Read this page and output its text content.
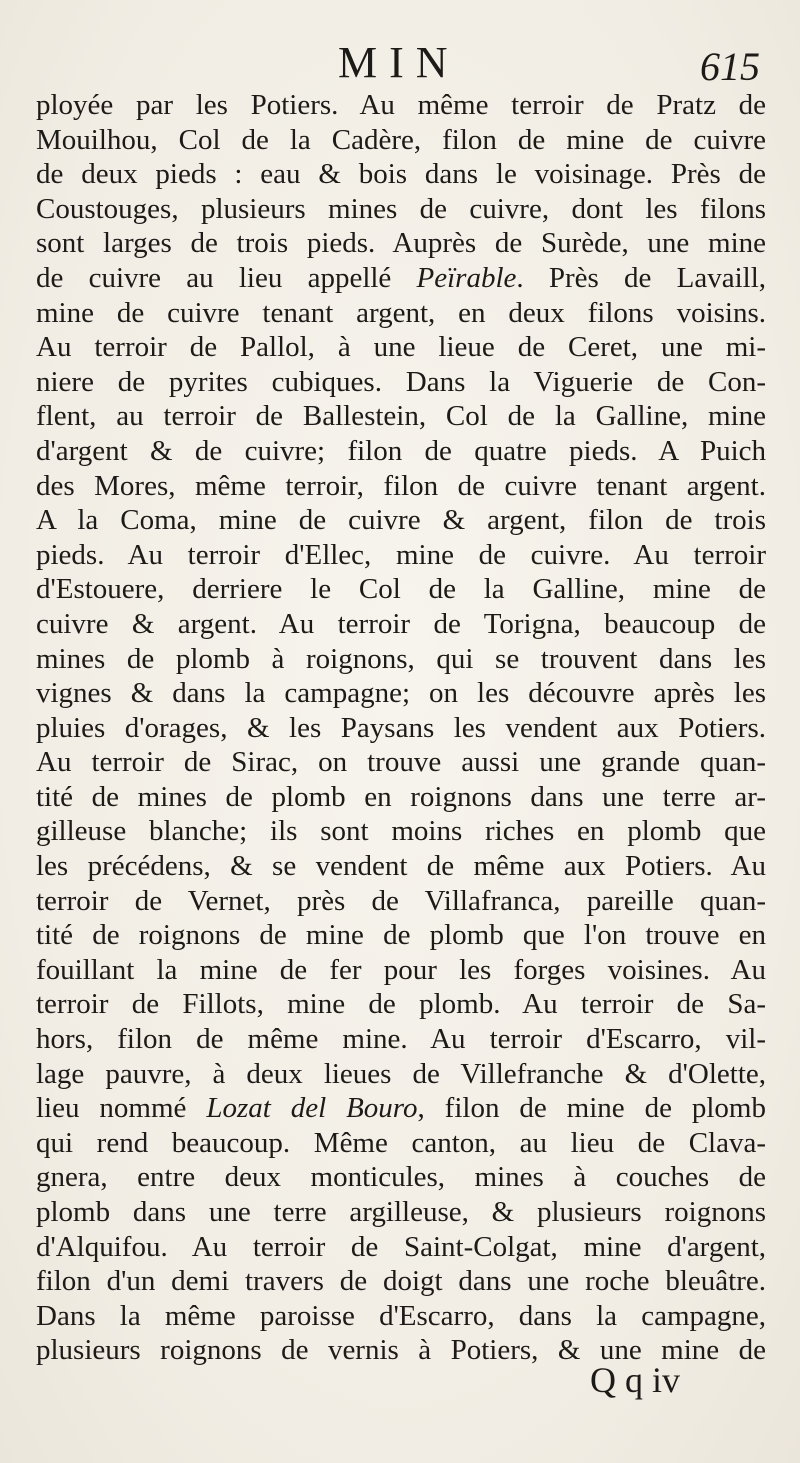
MIN	615
ployée par les Potiers. Au même terroir de Pratz de
Mouilhou, Col de la Cadère, filon de mine de cuivre
de deux pieds : eau & bois dans le voisinage. Près de
Coustouges, plusieurs mines de cuivre, dont les filons
sont larges de trois pieds. Auprès de Surède, une mine
de cuivre au lieu appellé Peïrable. Près de Lavaill,
mine de cuivre tenant argent, en deux filons voisins.
Au terroir de Pallol, à une lieue de Ceret, une mi-
niere de pyrites cubiques. Dans la Viguerie de Con-
flent, au terroir de Ballestein, Col de la Galline, mine
d'argent & de cuivre; filon de quatre pieds. A Puich
des Mores, même terroir, filon de cuivre tenant argent.
A la Coma, mine de cuivre & argent, filon de trois
pieds. Au terroir d'Ellec, mine de cuivre. Au terroir
d'Estouere, derriere le Col de la Galline, mine de
cuivre & argent. Au terroir de Torigna, beaucoup de
mines de plomb à roignons, qui se trouvent dans les
vignes & dans la campagne; on les découvre après les
pluies d'orages, & les Paysans les vendent aux Potiers.
Au terroir de Sirac, on trouve aussi une grande quan-
tité de mines de plomb en roignons dans une terre ar-
gilleuse blanche; ils sont moins riches en plomb que
les précédens, & se vendent de même aux Potiers. Au
terroir de Vernet, près de Villafranca, pareille quan-
tité de roignons de mine de plomb que l'on trouve en
fouillant la mine de fer pour les forges voisines. Au
terroir de Fillots, mine de plomb. Au terroir de Sa-
hors, filon de même mine. Au terroir d'Escarro, vil-
lage pauvre, à deux lieues de Villefranche & d'Olette,
lieu nommé Lozat del Bouro, filon de mine de plomb
qui rend beaucoup. Même canton, au lieu de Clava-
gnera, entre deux monticules, mines à couches de
plomb dans une terre argilleuse, & plusieurs roignons
d'Alquifou. Au terroir de Saint-Colgat, mine d'argent,
filon d'un demi travers de doigt dans une roche bleuâtre.
Dans la même paroisse d'Escarro, dans la campagne,
plusieurs roignons de vernis à Potiers, & une mine de
Q q iv
